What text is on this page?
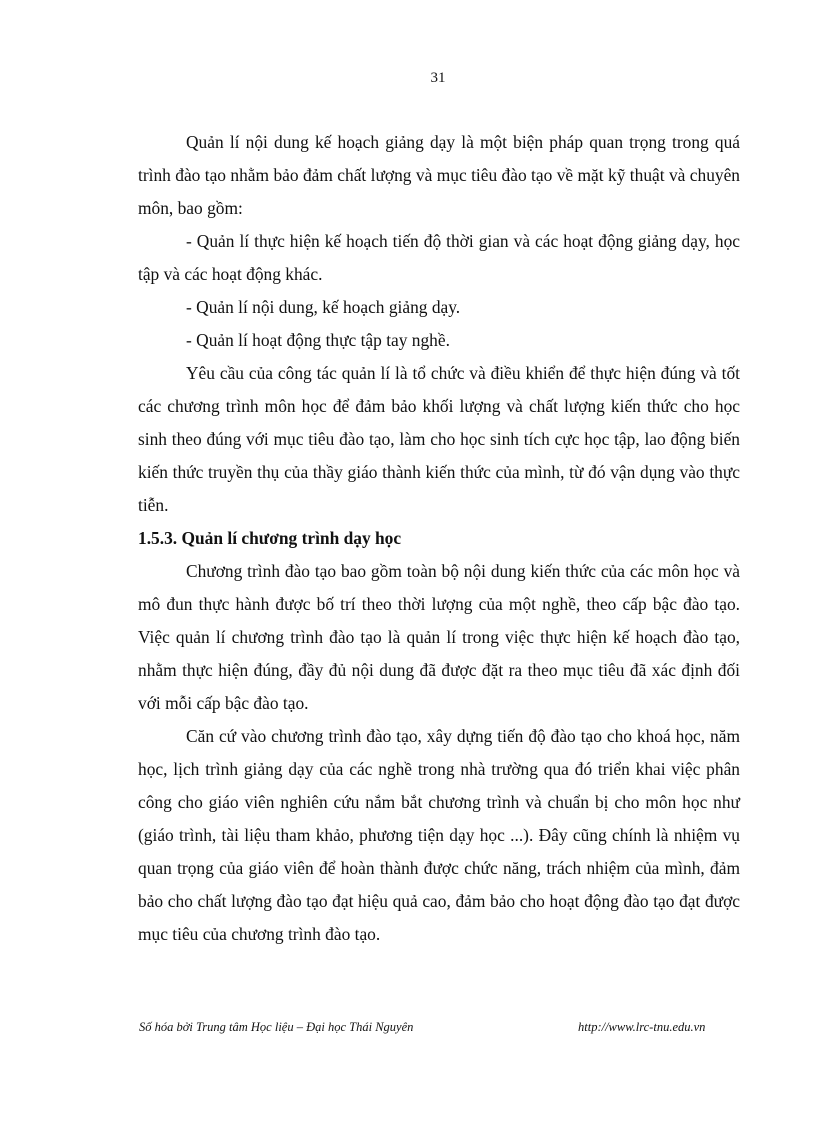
31

Quản lí nội dung kế hoạch giảng dạy là một biện pháp quan trọng trong quá trình đào tạo nhằm bảo đảm chất lượng và mục tiêu đào tạo về mặt kỹ thuật và chuyên môn, bao gồm:

- Quản lí thực hiện kế hoạch tiến độ thời gian và các hoạt động giảng dạy, học tập và các hoạt động khác.

- Quản lí nội dung, kế hoạch giảng dạy.

- Quản lí hoạt động thực tập tay nghề.

Yêu cầu của công tác quản lí là tổ chức và điều khiển để thực hiện đúng và tốt các chương trình môn học để đảm bảo khối lượng và chất lượng kiến thức cho học sinh theo đúng với mục tiêu đào tạo, làm cho học sinh tích cực học tập, lao động biến kiến thức truyền thụ của thầy giáo thành kiến thức của mình, từ đó vận dụng vào thực tiễn.

1.5.3. Quản lí chương trình dạy học

Chương trình đào tạo bao gồm toàn bộ nội dung kiến thức của các môn học và mô đun thực hành được bố trí theo thời lượng của một nghề, theo cấp bậc đào tạo. Việc quản lí chương trình đào tạo là quản lí trong việc thực hiện kế hoạch đào tạo, nhằm thực hiện đúng, đầy đủ nội dung đã được đặt ra theo mục tiêu đã xác định đối với mỗi cấp bậc đào tạo.

Căn cứ vào chương trình đào tạo, xây dựng tiến độ đào tạo cho khoá học, năm học, lịch trình giảng dạy của các nghề trong nhà trường qua đó triển khai việc phân công cho giáo viên nghiên cứu nắm bắt chương trình và chuẩn bị cho môn học như (giáo trình, tài liệu tham khảo, phương tiện dạy học ...). Đây cũng chính là nhiệm vụ quan trọng của giáo viên để hoàn thành được chức năng, trách nhiệm của mình, đảm bảo cho chất lượng đào tạo đạt hiệu quả cao, đảm bảo cho hoạt động đào tạo đạt được mục tiêu của chương trình đào tạo.

Số hóa bởi Trung tâm Học liệu – Đại học Thái Nguyên	http://www.lrc-tnu.edu.vn
